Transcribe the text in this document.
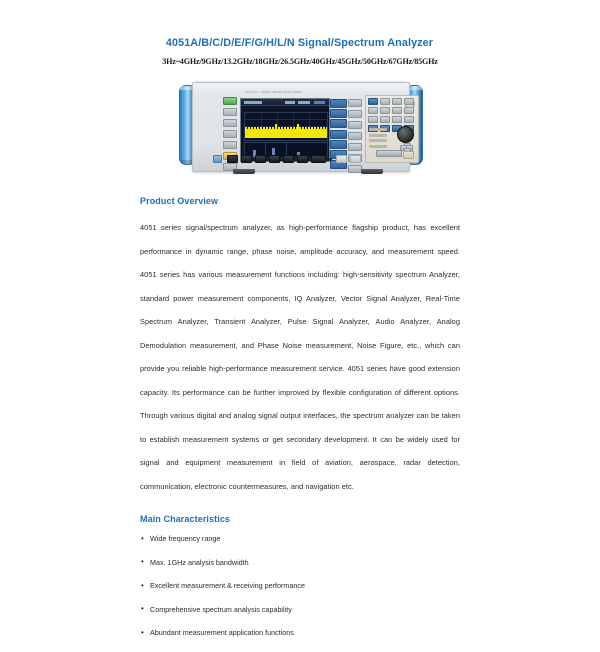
4051A/B/C/D/E/F/G/H/L/N Signal/Spectrum Analyzer
3Hz~4GHz/9GHz/13.2GHz/18GHz/26.5GHz/40GHz/45GHz/50GHz/67GHz/85GHz
SIGNAL / SPECTRUM ANALYZER
Product Overview

4051 series signal/spectrum analyzer, as high-performance flagship product, has excellent performance in dynamic range, phase noise, amplitude accuracy, and measurement speed. 4051 series has various measurement functions including: high-sensitivity spectrum Analyzer, standard power measurement components, IQ Analyzer, Vector Signal Analyzer, Real-Time Spectrum Analyzer, Transient Analyzer, Pulse Signal Analyzer, Audio Analyzer, Analog Demodulation measurement, and Phase Noise measurement, Noise Figure, etc., which can provide you reliable high-performance measurement service. 4051 series have good extension capacity. Its performance can be further improved by flexible configuration of different options. Through various digital and analog signal output interfaces, the spectrum analyzer can be taken to establish measurement systems or get secondary development. It can be widely used for signal and equipment measurement in field of aviation, aerospace, radar detection, communication, electronic countermeasures, and navigation etc.

Main Characteristics
• Wide frequency range
• Max. 1GHz analysis bandwidth
• Excellent measurement & receiving performance
• Comprehensive spectrum analysis capability
• Abundant measurement application functions
